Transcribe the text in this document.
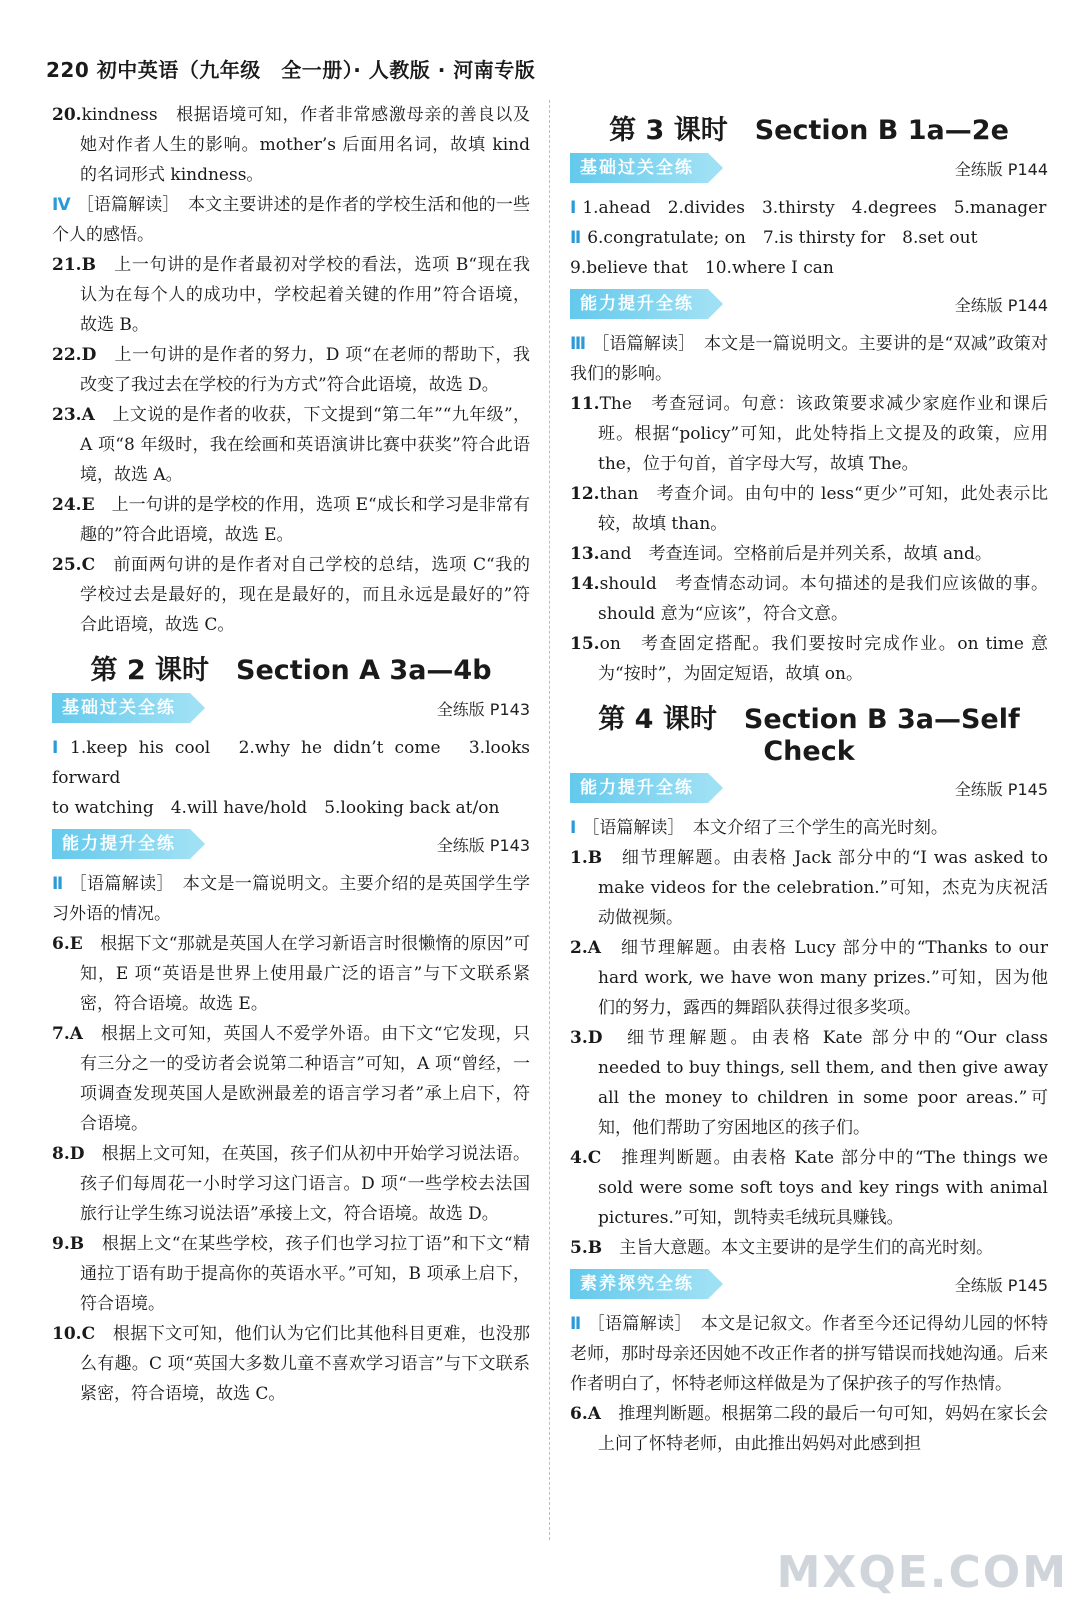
220 初中英语（九年级　全一册）· 人教版 · 河南专版

20.kindness　根据语境可知，作者非常感激母亲的善良以及她对作者人生的影响。mother’s 后面用名词，故填 kind 的名词形式 kindness。

Ⅳ ［语篇解读］　本文主要讲述的是作者的学校生活和他的一些个人的感悟。

21.B　上一句讲的是作者最初对学校的看法，选项 B“现在我认为在每个人的成功中，学校起着关键的作用”符合语境，故选 B。

22.D　上一句讲的是作者的努力，D 项“在老师的帮助下，我改变了我过去在学校的行为方式”符合此语境，故选 D。

23.A　上文说的是作者的收获，下文提到“第二年”“九年级”，A 项“8 年级时，我在绘画和英语演讲比赛中获奖”符合此语境，故选 A。

24.E　上一句讲的是学校的作用，选项 E“成长和学习是非常有趣的”符合此语境，故选 E。

25.C　前面两句讲的是作者对自己学校的总结，选项 C“我的学校过去是最好的，现在是最好的，而且永远是最好的”符合此语境，故选 C。

第 2 课时　Section A 3a—4b
基础过关全练	全练版 P143

Ⅰ 1.keep his cool　2.why he didn’t come　3.looks forward

to watching　4.will have/hold　5.looking back at/on

能力提升全练	全练版 P143

Ⅱ ［语篇解读］　本文是一篇说明文。主要介绍的是英国学生学习外语的情况。

6.E　根据下文“那就是英国人在学习新语言时很懒惰的原因”可知，E 项“英语是世界上使用最广泛的语言”与下文联系紧密，符合语境。故选 E。

7.A　根据上文可知，英国人不爱学外语。由下文“它发现，只有三分之一的受访者会说第二种语言”可知，A 项“曾经，一项调查发现英国人是欧洲最差的语言学习者”承上启下，符合语境。

8.D　根据上文可知，在英国，孩子们从初中开始学习说法语。孩子们每周花一小时学习这门语言。D 项“一些学校去法国旅行让学生练习说法语”承接上文，符合语境。故选 D。

9.B　根据上文“在某些学校，孩子们也学习拉丁语”和下文“精通拉丁语有助于提高你的英语水平。”可知，B 项承上启下，符合语境。

10.C　根据下文可知，他们认为它们比其他科目更难，也没那么有趣。C 项“英国大多数儿童不喜欢学习语言”与下文联系紧密，符合语境，故选 C。

第 3 课时　Section B 1a—2e
基础过关全练	全练版 P144

Ⅰ 1.ahead　2.divides　3.thirsty　4.degrees　5.manager

Ⅱ 6.congratulate; on　7.is thirsty for　8.set out

9.believe that　10.where I can

能力提升全练	全练版 P144

Ⅲ ［语篇解读］　本文是一篇说明文。主要讲的是“双减”政策对我们的影响。

11.The　考查冠词。句意：该政策要求减少家庭作业和课后班。根据“policy”可知，此处特指上文提及的政策，应用 the，位于句首，首字母大写，故填 The。

12.than　考查介词。由句中的 less“更少”可知，此处表示比较，故填 than。

13.and　考查连词。空格前后是并列关系，故填 and。

14.should　考查情态动词。本句描述的是我们应该做的事。should 意为“应该”，符合文意。

15.on　考查固定搭配。我们要按时完成作业。on time 意为“按时”，为固定短语，故填 on。

第 4 课时　Section B 3a—Self Check
能力提升全练	全练版 P145

Ⅰ ［语篇解读］　本文介绍了三个学生的高光时刻。

1.B　细节理解题。由表格 Jack 部分中的“I was asked to make videos for the celebration.”可知，杰克为庆祝活动做视频。

2.A　细节理解题。由表格 Lucy 部分中的“Thanks to our hard work, we have won many prizes.”可知，因为他们的努力，露西的舞蹈队获得过很多奖项。

3.D　细节理解题。由表格 Kate 部分中的“Our class needed to buy things, sell them, and then give away all the money to children in some poor areas.”可知，他们帮助了穷困地区的孩子们。

4.C　推理判断题。由表格 Kate 部分中的“The things we sold were some soft toys and key rings with animal pictures.”可知，凯特卖毛绒玩具赚钱。

5.B　主旨大意题。本文主要讲的是学生们的高光时刻。

素养探究全练	全练版 P145

Ⅱ ［语篇解读］　本文是记叙文。作者至今还记得幼儿园的怀特老师，那时母亲还因她不改正作者的拼写错误而找她沟通。后来作者明白了，怀特老师这样做是为了保护孩子的写作热情。

6.A　推理判断题。根据第二段的最后一句可知，妈妈在家长会上问了怀特老师，由此推出妈妈对此感到担

MXQE.COM
